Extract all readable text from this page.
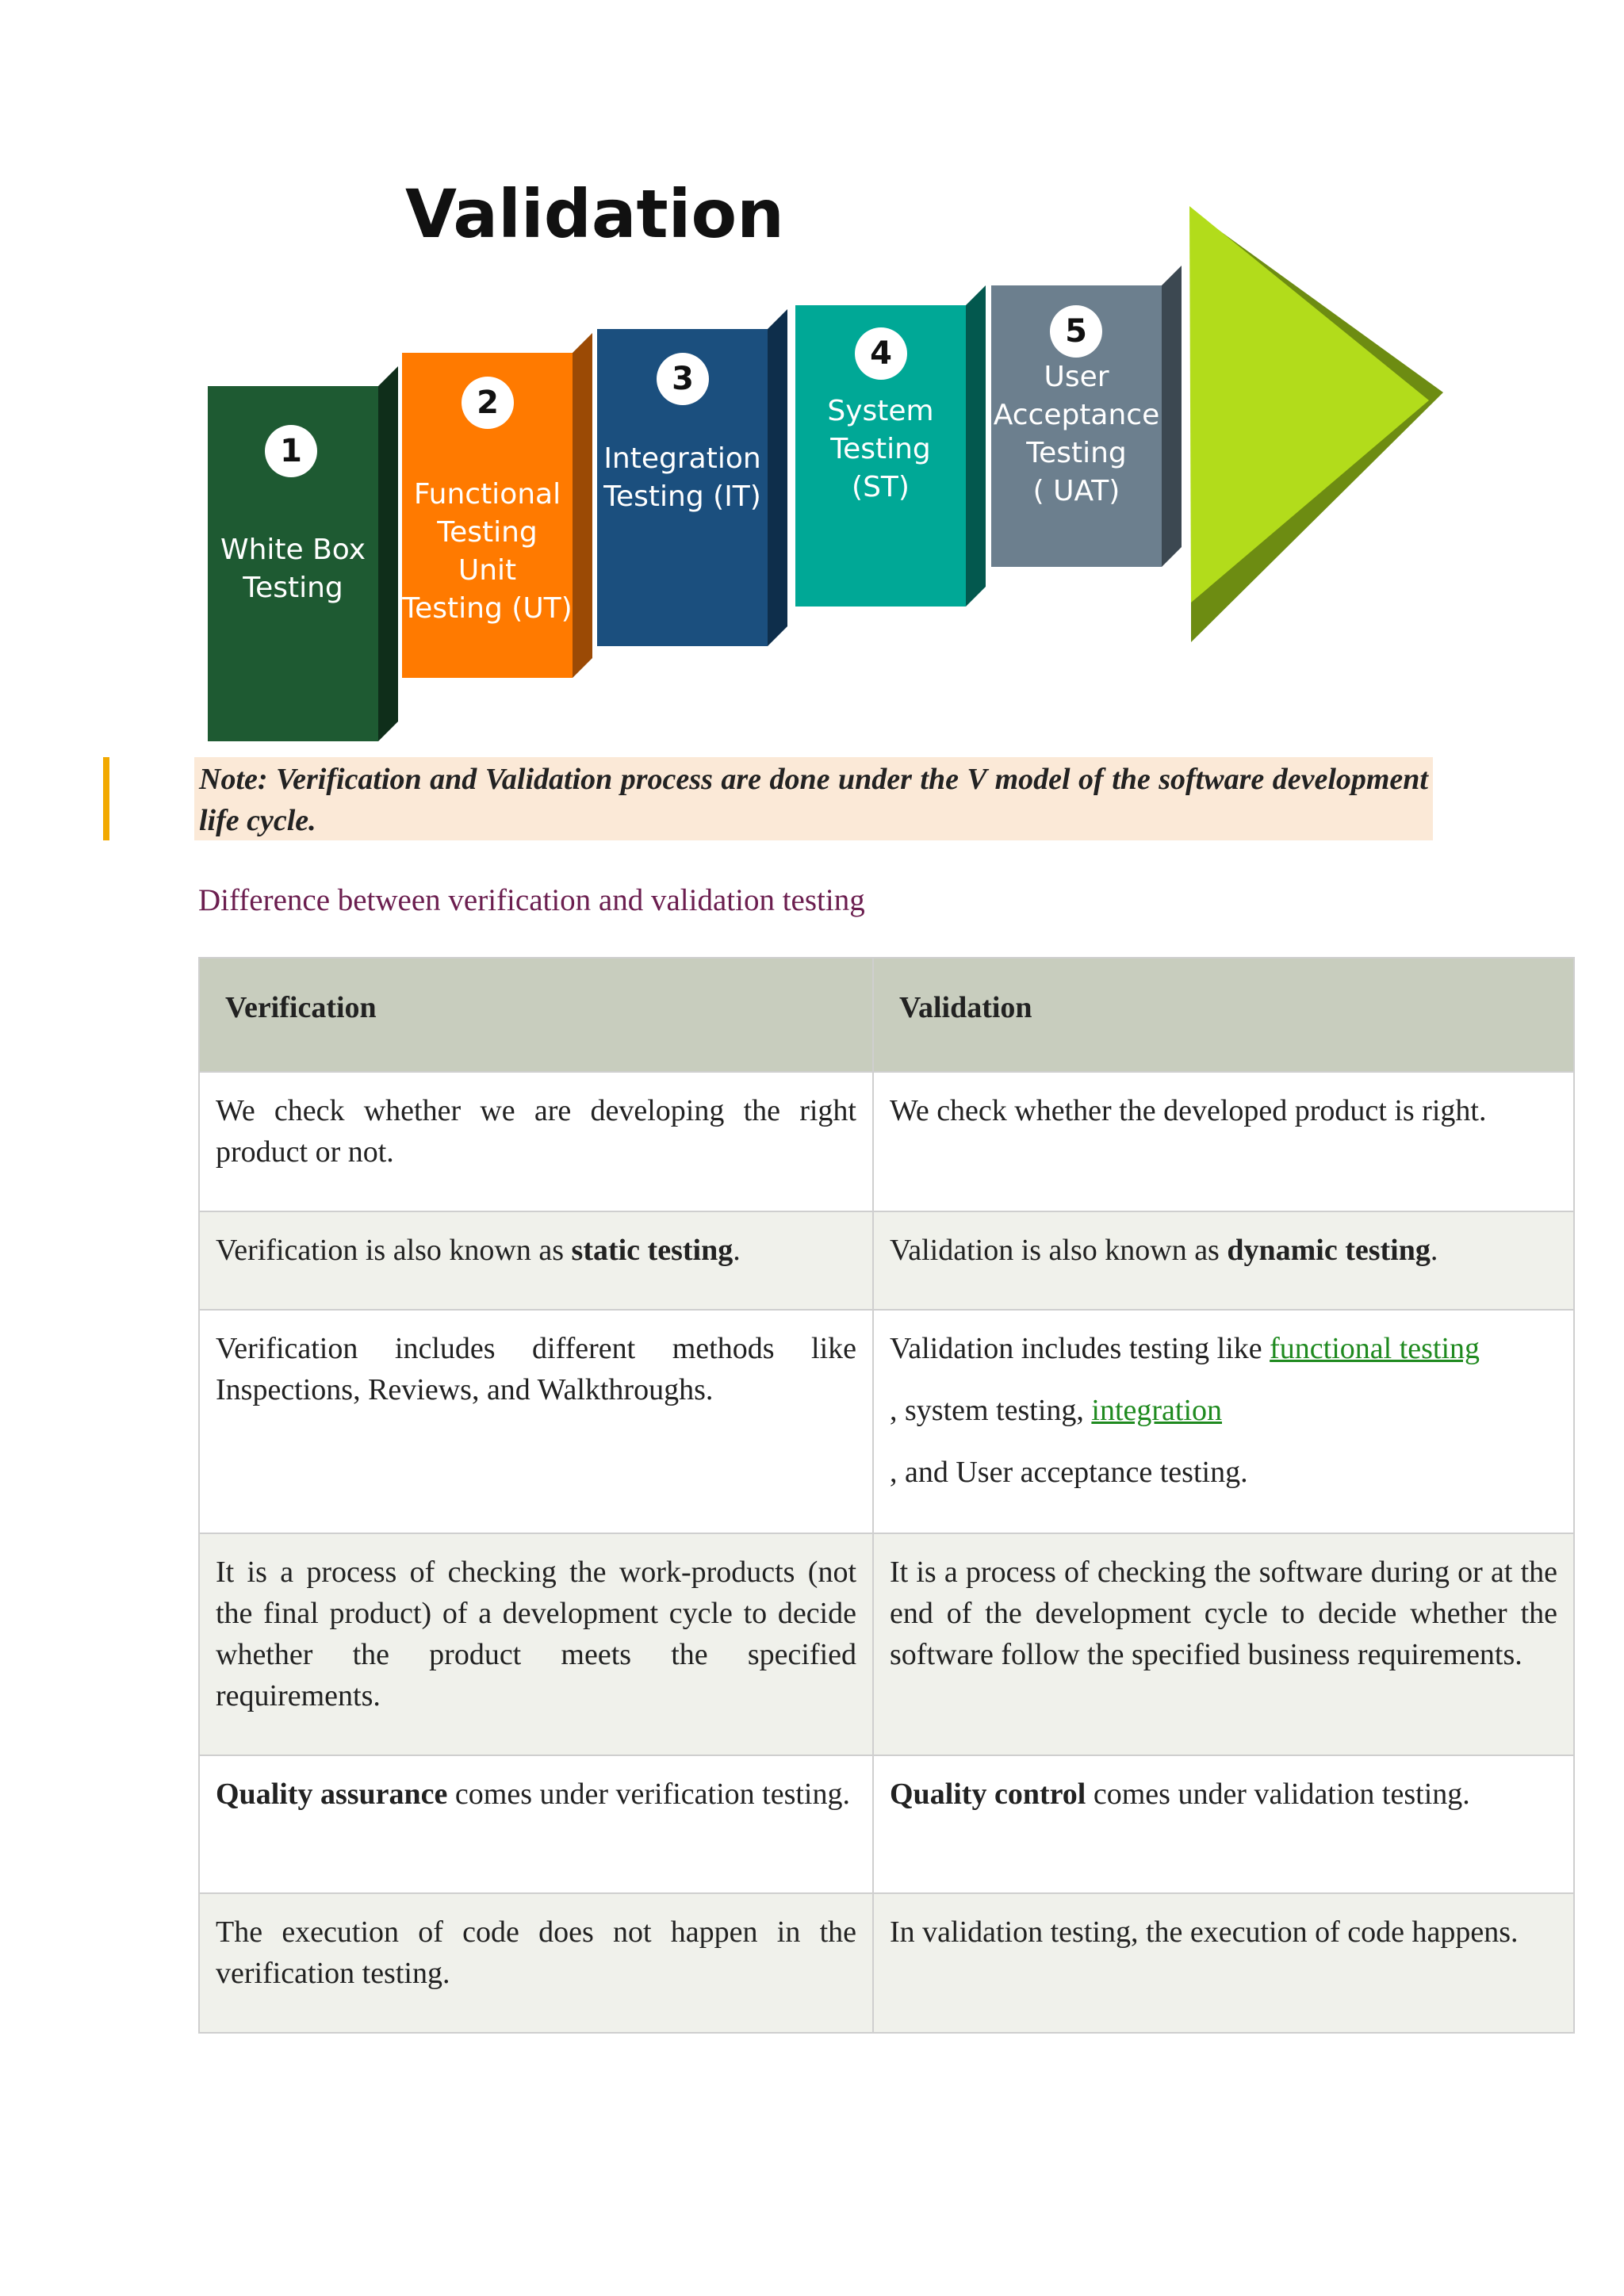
Validation
1
White Box
Testing
2
Functional
Testing
Unit
Testing (UT)
3
Integration
Testing (IT)
4
System
Testing
(ST)
5
User
Acceptance
Testing
( UAT)
Note: Verification and Validation process are done under the V model of the software development life cycle.
Difference between verification and validation testing
Verification	Validation
We check whether we are developing the right product or not.	We check whether the developed product is right.
Verification is also known as static testing.	Validation is also known as dynamic testing.
Verification includes different methods like Inspections, Reviews, and Walkthroughs.	Validation includes testing like functional testing

, system testing, integration

, and User acceptance testing.

It is a process of checking the work-products (not the final product) of a development cycle to decide whether the product meets the specified requirements.	It is a process of checking the software during or at the end of the development cycle to decide whether the software follow the specified business requirements.
Quality assurance comes under verification testing.	Quality control comes under validation testing.
The execution of code does not happen in the verification testing.	In validation testing, the execution of code happens.
